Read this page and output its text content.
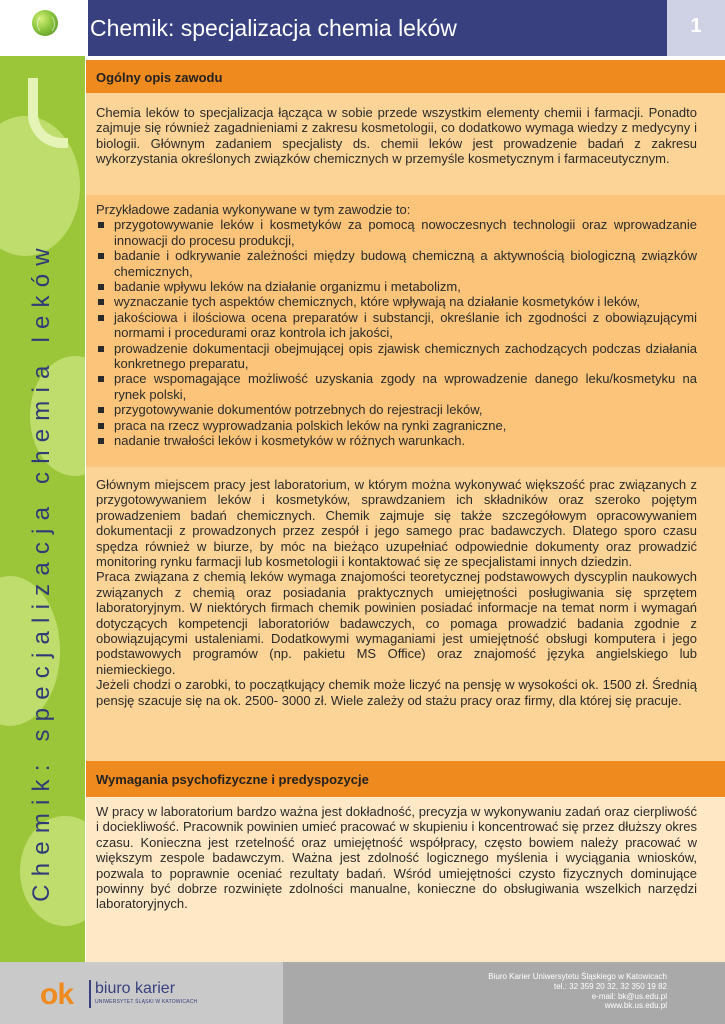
Chemik: specjalizacja chemia leków	1
Chemik: specjalizacja chemia leków
Ogólny opis zawodu
Chemia leków to specjalizacja łącząca w sobie przede wszystkim elementy chemii i farmacji. Ponadto zajmuje się również zagadnieniami z zakresu kosmetologii, co dodatkowo wymaga wiedzy z medycyny i biologii. Głównym zadaniem specjalisty ds. chemii leków jest prowadzenie badań z zakresu wykorzystania określonych związków chemicznych w przemyśle kosmetycznym i farmaceutycznym.
Przykładowe zadania wykonywane w tym zawodzie to:
przygotowywanie leków i kosmetyków za pomocą nowoczesnych technologii oraz wprowadzanie innowacji do procesu produkcji,
badanie i odkrywanie zależności między budową chemiczną a aktywnością biologiczną związków chemicznych,
badanie wpływu leków na działanie organizmu i metabolizm,
wyznaczanie tych aspektów chemicznych, które wpływają na działanie kosmetyków i leków,
jakościowa i ilościowa ocena preparatów i substancji, określanie ich zgodności z obowiązującymi normami i procedurami oraz kontrola ich jakości,
prowadzenie dokumentacji obejmującej opis zjawisk chemicznych zachodzących podczas działania konkretnego preparatu,
prace wspomagające możliwość uzyskania zgody na wprowadzenie danego leku/kosmetyku na rynek polski,
przygotowywanie dokumentów potrzebnych do rejestracji leków,
praca na rzecz wyprowadzania polskich leków na rynki zagraniczne,
nadanie trwałości leków i kosmetyków w różnych warunkach.

Głównym miejscem pracy jest laboratorium, w którym można wykonywać większość prac związanych z przygotowywaniem leków i kosmetyków, sprawdzaniem ich składników oraz szeroko pojętym prowadzeniem badań chemicznych. Chemik zajmuje się także szczegółowym opracowywaniem dokumentacji z prowadzonych przez zespół i jego samego prac badawczych. Dlatego sporo czasu spędza również w biurze, by móc na bieżąco uzupełniać odpowiednie dokumenty oraz prowadzić monitoring rynku farmacji lub kosmetologii i kontaktować się ze specjalistami innych dziedzin.

Praca związana z chemią leków wymaga znajomości teoretycznej podstawowych dyscyplin naukowych związanych z chemią oraz posiadania praktycznych umiejętności posługiwania się sprzętem laboratoryjnym. W niektórych firmach chemik powinien posiadać informacje na temat norm i wymagań dotyczących kompetencji laboratoriów badawczych, co pomaga prowadzić badania zgodnie z obowiązującymi ustaleniami. Dodatkowymi wymaganiami jest umiejętność obsługi komputera i jego podstawowych programów (np. pakietu MS Office) oraz znajomość języka angielskiego lub niemieckiego.

Jeżeli chodzi o zarobki, to początkujący chemik może liczyć na pensję w wysokości ok. 1500 zł. Średnią pensję szacuje się na ok. 2500- 3000 zł. Wiele zależy od stażu pracy oraz firmy, dla której się pracuje.

Wymagania psychofizyczne i predyspozycje
W pracy w laboratorium bardzo ważna jest dokładność, precyzja w wykonywaniu zadań oraz cierpliwość i dociekliwość. Pracownik powinien umieć pracować w skupieniu i koncentrować się przez dłuższy okres czasu. Konieczna jest rzetelność oraz umiejętność współpracy, często bowiem należy pracować w większym zespole badawczym. Ważna jest zdolność logicznego myślenia i wyciągania wniosków, pozwala to poprawnie oceniać rezultaty badań. Wśród umiejętności czysto fizycznych dominujące powinny być dobrze rozwinięte zdolności manualne, konieczne do obsługiwania wszelkich narzędzi laboratoryjnych.
ok biuro karier
UNIWERSYTET ŚLĄSKI W KATOWICACH
Biuro Karier Uniwersytetu Śląskiego w Katowicach
tel.: 32 359 20 32, 32 350 19 82
e-mail: bk@us.edu.pl
www.bk.us.edu.pl
